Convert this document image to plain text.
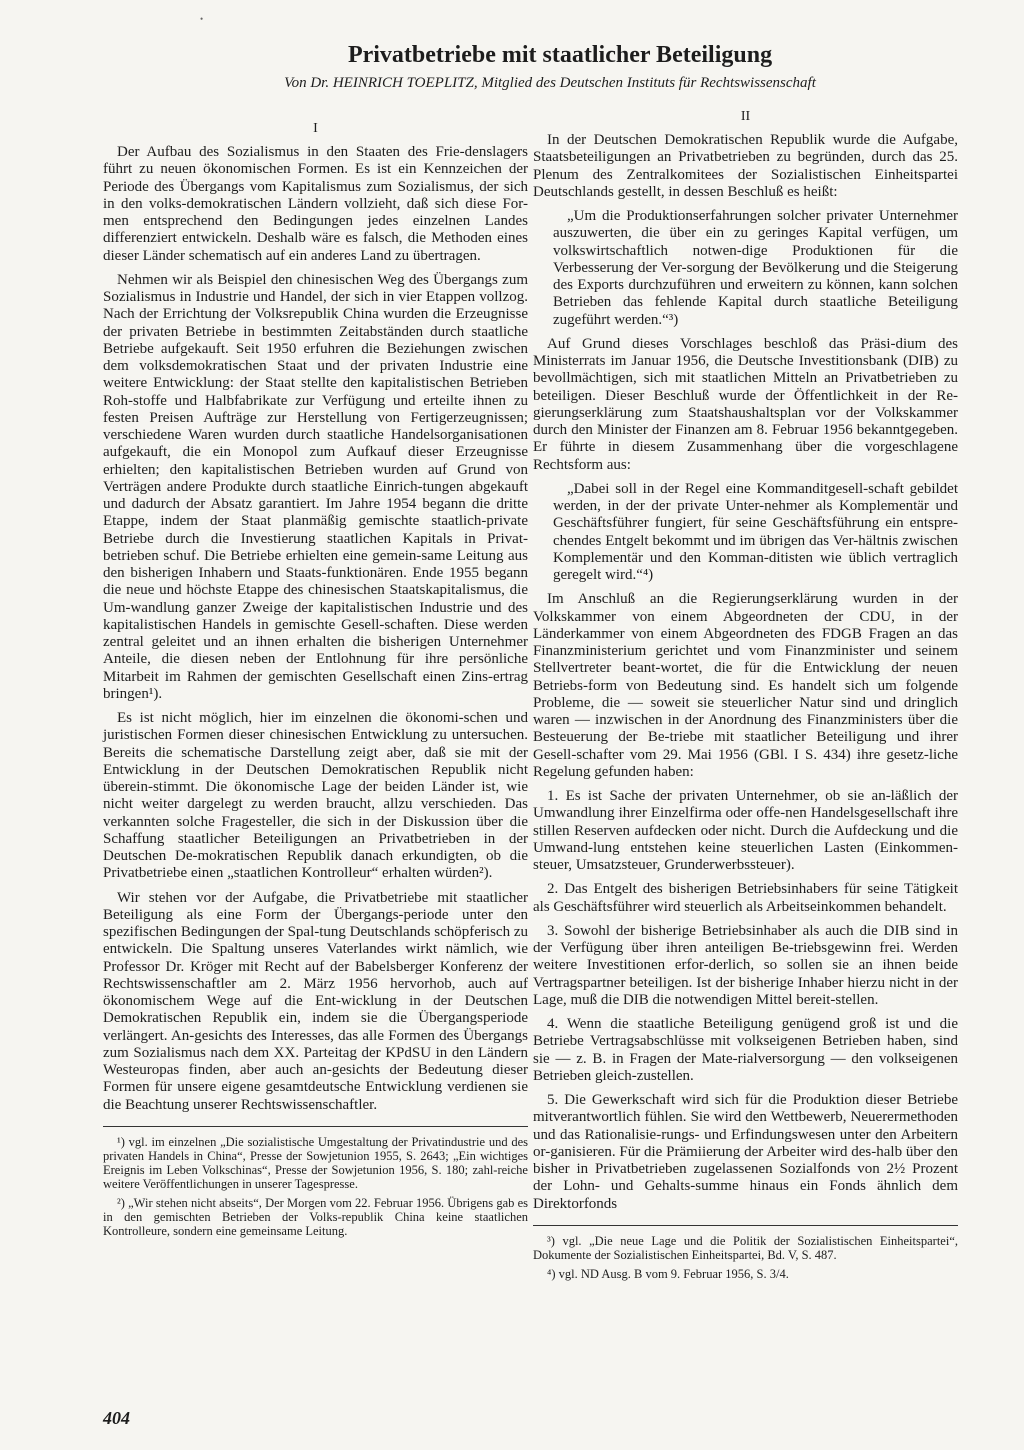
•
Privatbetriebe mit staatlicher Beteiligung
Von Dr. HEINRICH TOEPLITZ, Mitglied des Deutschen Instituts für Rechtswissenschaft
I

Der Aufbau des Sozialismus in den Staaten des Frie-denslagers führt zu neuen ökonomischen Formen. Es ist ein Kennzeichen der Periode des Übergangs vom Kapitalismus zum Sozialismus, der sich in den volks-demokratischen Ländern vollzieht, daß sich diese For-men entsprechend den Bedingungen jedes einzelnen Landes differenziert entwickeln. Deshalb wäre es falsch, die Methoden eines dieser Länder schematisch auf ein anderes Land zu übertragen.

Nehmen wir als Beispiel den chinesischen Weg des Übergangs zum Sozialismus in Industrie und Handel, der sich in vier Etappen vollzog. Nach der Errichtung der Volksrepublik China wurden die Erzeugnisse der privaten Betriebe in bestimmten Zeitabständen durch staatliche Betriebe aufgekauft. Seit 1950 erfuhren die Beziehungen zwischen dem volksdemokratischen Staat und der privaten Industrie eine weitere Entwicklung: der Staat stellte den kapitalistischen Betrieben Roh-stoffe und Halbfabrikate zur Verfügung und erteilte ihnen zu festen Preisen Aufträge zur Herstellung von Fertigerzeugnissen; verschiedene Waren wurden durch staatliche Handelsorganisationen aufgekauft, die ein Monopol zum Aufkauf dieser Erzeugnisse erhielten; den kapitalistischen Betrieben wurden auf Grund von Verträgen andere Produkte durch staatliche Einrich-tungen abgekauft und dadurch der Absatz garantiert. Im Jahre 1954 begann die dritte Etappe, indem der Staat planmäßig gemischte staatlich-private Betriebe durch die Investierung staatlichen Kapitals in Privat-betrieben schuf. Die Betriebe erhielten eine gemein-same Leitung aus den bisherigen Inhabern und Staats-funktionären. Ende 1955 begann die neue und höchste Etappe des chinesischen Staatskapitalismus, die Um-wandlung ganzer Zweige der kapitalistischen Industrie und des kapitalistischen Handels in gemischte Gesell-schaften. Diese werden zentral geleitet und an ihnen erhalten die bisherigen Unternehmer Anteile, die diesen neben der Entlohnung für ihre persönliche Mitarbeit im Rahmen der gemischten Gesellschaft einen Zins-ertrag bringen¹).

Es ist nicht möglich, hier im einzelnen die ökonomi-schen und juristischen Formen dieser chinesischen Entwicklung zu untersuchen. Bereits die schematische Darstellung zeigt aber, daß sie mit der Entwicklung in der Deutschen Demokratischen Republik nicht überein-stimmt. Die ökonomische Lage der beiden Länder ist, wie nicht weiter dargelegt zu werden braucht, allzu verschieden. Das verkannten solche Fragesteller, die sich in der Diskussion über die Schaffung staatlicher Beteiligungen an Privatbetrieben in der Deutschen De-mokratischen Republik danach erkundigten, ob die Privatbetriebe einen „staatlichen Kontrolleur“ erhalten würden²).

Wir stehen vor der Aufgabe, die Privatbetriebe mit staatlicher Beteiligung als eine Form der Übergangs-periode unter den spezifischen Bedingungen der Spal-tung Deutschlands schöpferisch zu entwickeln. Die Spaltung unseres Vaterlandes wirkt nämlich, wie Professor Dr. Kröger mit Recht auf der Babelsberger Konferenz der Rechtswissenschaftler am 2. März 1956 hervorhob, auch auf ökonomischem Wege auf die Ent-wicklung in der Deutschen Demokratischen Republik ein, indem sie die Übergangsperiode verlängert. An-gesichts des Interesses, das alle Formen des Übergangs zum Sozialismus nach dem XX. Parteitag der KPdSU in den Ländern Westeuropas finden, aber auch an-gesichts der Bedeutung dieser Formen für unsere eigene gesamtdeutsche Entwicklung verdienen sie die Beachtung unserer Rechtswissenschaftler.

¹) vgl. im einzelnen „Die sozialistische Umgestaltung der Privatindustrie und des privaten Handels in China“, Presse der Sowjetunion 1955, S. 2643; „Ein wichtiges Ereignis im Leben Volkschinas“, Presse der Sowjetunion 1956, S. 180; zahl-reiche weitere Veröffentlichungen in unserer Tagespresse.

²) „Wir stehen nicht abseits“, Der Morgen vom 22. Februar 1956. Übrigens gab es in den gemischten Betrieben der Volks-republik China keine staatlichen Kontrolleure, sondern eine gemeinsame Leitung.

II

In der Deutschen Demokratischen Republik wurde die Aufgabe, Staatsbeteiligungen an Privatbetrieben zu begründen, durch das 25. Plenum des Zentralkomitees der Sozialistischen Einheitspartei Deutschlands gestellt, in dessen Beschluß es heißt:

„Um die Produktionserfahrungen solcher privater Unternehmer auszuwerten, die über ein zu geringes Kapital verfügen, um volkswirtschaftlich notwen-dige Produktionen für die Verbesserung der Ver-sorgung der Bevölkerung und die Steigerung des Exports durchzuführen und erweitern zu können, kann solchen Betrieben das fehlende Kapital durch staatliche Beteiligung zugeführt werden.“³)

Auf Grund dieses Vorschlages beschloß das Präsi-dium des Ministerrats im Januar 1956, die Deutsche Investitionsbank (DIB) zu bevollmächtigen, sich mit staatlichen Mitteln an Privatbetrieben zu beteiligen. Dieser Beschluß wurde der Öffentlichkeit in der Re-gierungserklärung zum Staatshaushaltsplan vor der Volkskammer durch den Minister der Finanzen am 8. Februar 1956 bekanntgegeben. Er führte in diesem Zusammenhang über die vorgeschlagene Rechtsform aus:

„Dabei soll in der Regel eine Kommanditgesell-schaft gebildet werden, in der der private Unter-nehmer als Komplementär und Geschäftsführer fungiert, für seine Geschäftsführung ein entspre-chendes Entgelt bekommt und im übrigen das Ver-hältnis zwischen Komplementär und den Komman-ditisten wie üblich vertraglich geregelt wird.“⁴)

Im Anschluß an die Regierungserklärung wurden in der Volkskammer von einem Abgeordneten der CDU, in der Länderkammer von einem Abgeordneten des FDGB Fragen an das Finanzministerium gerichtet und vom Finanzminister und seinem Stellvertreter beant-wortet, die für die Entwicklung der neuen Betriebs-form von Bedeutung sind. Es handelt sich um folgende Probleme, die — soweit sie steuerlicher Natur sind und dringlich waren — inzwischen in der Anordnung des Finanzministers über die Besteuerung der Be-triebe mit staatlicher Beteiligung und ihrer Gesell-schafter vom 29. Mai 1956 (GBl. I S. 434) ihre gesetz-liche Regelung gefunden haben:

1. Es ist Sache der privaten Unternehmer, ob sie an-läßlich der Umwandlung ihrer Einzelfirma oder offe-nen Handelsgesellschaft ihre stillen Reserven aufdecken oder nicht. Durch die Aufdeckung und die Umwand-lung entstehen keine steuerlichen Lasten (Einkommen-steuer, Umsatzsteuer, Grunderwerbssteuer).

2. Das Entgelt des bisherigen Betriebsinhabers für seine Tätigkeit als Geschäftsführer wird steuerlich als Arbeitseinkommen behandelt.

3. Sowohl der bisherige Betriebsinhaber als auch die DIB sind in der Verfügung über ihren anteiligen Be-triebsgewinn frei. Werden weitere Investitionen erfor-derlich, so sollen sie an ihnen beide Vertragspartner beteiligen. Ist der bisherige Inhaber hierzu nicht in der Lage, muß die DIB die notwendigen Mittel bereit-stellen.

4. Wenn die staatliche Beteiligung genügend groß ist und die Betriebe Vertragsabschlüsse mit volkseigenen Betrieben haben, sind sie — z. B. in Fragen der Mate-rialversorgung — den volkseigenen Betrieben gleich-zustellen.

5. Die Gewerkschaft wird sich für die Produktion dieser Betriebe mitverantwortlich fühlen. Sie wird den Wettbewerb, Neuerermethoden und das Rationalisie-rungs- und Erfindungswesen unter den Arbeitern or-ganisieren. Für die Prämiierung der Arbeiter wird des-halb über den bisher in Privatbetrieben zugelassenen Sozialfonds von 2½ Prozent der Lohn- und Gehalts-summe hinaus ein Fonds ähnlich dem Direktorfonds

³) vgl. „Die neue Lage und die Politik der Sozialistischen Einheitspartei“, Dokumente der Sozialistischen Einheitspartei, Bd. V, S. 487.

⁴) vgl. ND Ausg. B vom 9. Februar 1956, S. 3/4.

404
